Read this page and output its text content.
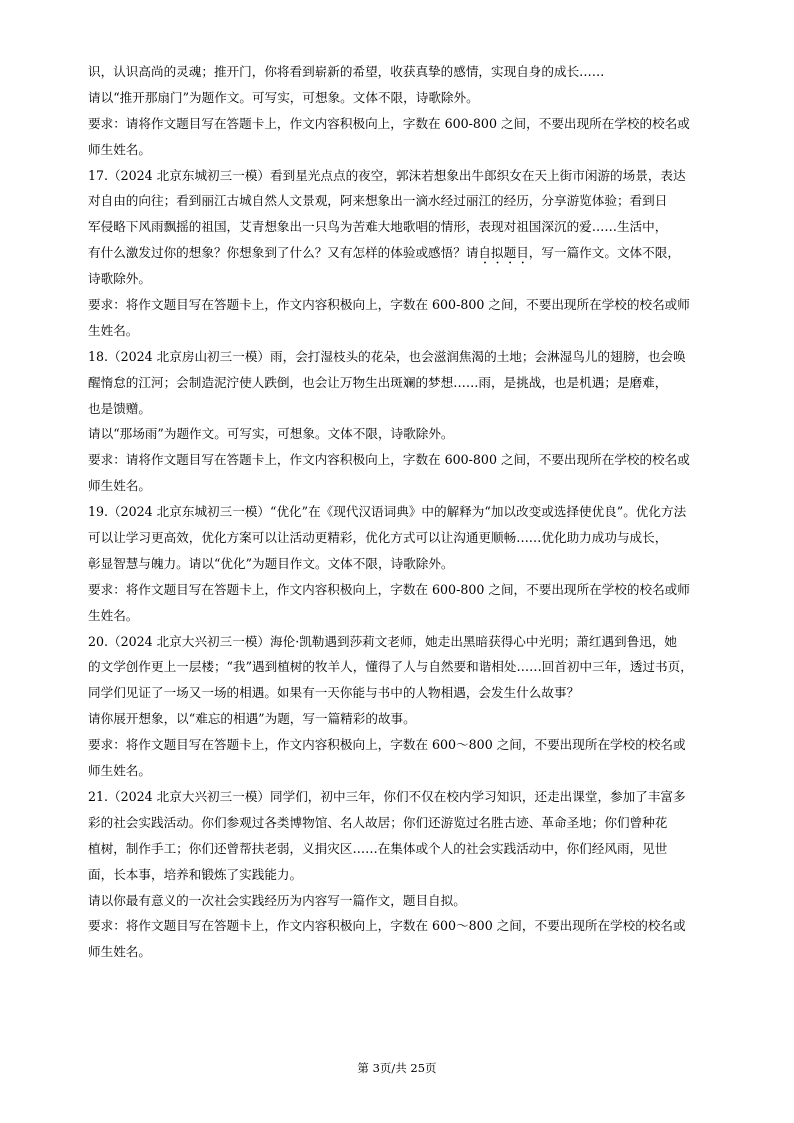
识，认识高尚的灵魂；推开门，你将看到崭新的希望，收获真挚的感情，实现自身的成长……
请以“推开那扇门”为题作文。可写实，可想象。文体不限，诗歌除外。
要求：请将作文题目写在答题卡上，作文内容积极向上，字数在 600-800 之间，不要出现所在学校的校名或
师生姓名。
17.（2024 北京东城初三一模）看到星光点点的夜空，郭沫若想象出牛郎织女在天上街市闲游的场景，表达
对自由的向往；看到丽江古城自然人文景观，阿来想象出一滴水经过丽江的经历，分享游览体验；看到日
军侵略下风雨飘摇的祖国，艾青想象出一只鸟为苦难大地歌唱的情形，表现对祖国深沉的爱……生活中，
有什么激发过你的想象？你想象到了什么？又有怎样的体验或感悟？请自拟题目，写一篇作文。文体不限，
诗歌除外。
要求：将作文题目写在答题卡上，作文内容积极向上，字数在 600-800 之间，不要出现所在学校的校名或师
生姓名。
18.（2024 北京房山初三一模）雨，会打湿枝头的花朵，也会滋润焦渴的土地；会淋湿鸟儿的翅膀，也会唤
醒惰怠的江河；会制造泥泞使人跌倒，也会让万物生出斑斓的梦想……雨，是挑战，也是机遇；是磨难，
也是馈赠。
请以“那场雨”为题作文。可写实，可想象。文体不限，诗歌除外。
要求：请将作文题目写在答题卡上，作文内容积极向上，字数在 600-800 之间，不要出现所在学校的校名或
师生姓名。
19.（2024 北京东城初三一模）“优化”在《现代汉语词典》中的解释为“加以改变或选择使优良”。优化方法
可以让学习更高效，优化方案可以让活动更精彩，优化方式可以让沟通更顺畅……优化助力成功与成长，
彰显智慧与魄力。请以“优化”为题目作文。文体不限，诗歌除外。
要求：将作文题目写在答题卡上，作文内容积极向上，字数在 600-800 之间，不要出现所在学校的校名或师
生姓名。
20.（2024 北京大兴初三一模）海伦·凯勒遇到莎莉文老师，她走出黑暗获得心中光明；萧红遇到鲁迅，她
的文学创作更上一层楼；“我”遇到植树的牧羊人，懂得了人与自然要和谐相处……回首初中三年，透过书页，
同学们见证了一场又一场的相遇。如果有一天你能与书中的人物相遇，会发生什么故事？
请你展开想象，以“难忘的相遇”为题，写一篇精彩的故事。
要求：将作文题目写在答题卡上，作文内容积极向上，字数在 600～800 之间，不要出现所在学校的校名或
师生姓名。
21.（2024 北京大兴初三一模）同学们，初中三年，你们不仅在校内学习知识，还走出课堂，参加了丰富多
彩的社会实践活动。你们参观过各类博物馆、名人故居；你们还游览过名胜古迹、革命圣地；你们曾种花
植树，制作手工；你们还曾帮扶老弱，义捐灾区……在集体或个人的社会实践活动中，你们经风雨，见世
面，长本事，培养和锻炼了实践能力。
请以你最有意义的一次社会实践经历为内容写一篇作文，题目自拟。
要求：将作文题目写在答题卡上，作文内容积极向上，字数在 600～800 之间，不要出现所在学校的校名或
师生姓名。
第 3页/共 25页
